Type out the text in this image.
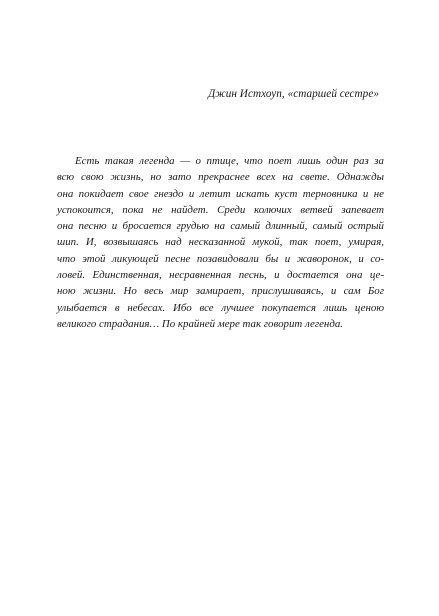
Джин Истхоуп, «старшей сестре»

Есть такая легенда — о птице, что поет лишь один раз за
всю свою жизнь, но зато прекраснее всех на свете. Однажды
она покидает свое гнездо и летит искать куст терновника и не
успокоится, пока не найдет. Среди колючих ветвей запевает
она песню и бросается грудью на самый длинный, самый острый
шип. И, возвышаясь над несказанной мукой, так поет, умирая,
что этой ликующей песне позавидовали бы и жаворонок, и со-
ловей. Единственная, несравненная песнь, и достается она це-
ною жизни. Но весь мир замирает, прислушиваясь, и сам Бог
улыбается в небесах. Ибо все лучшее покупается лишь ценою
великого страдания… По крайней мере так говорит легенда.
